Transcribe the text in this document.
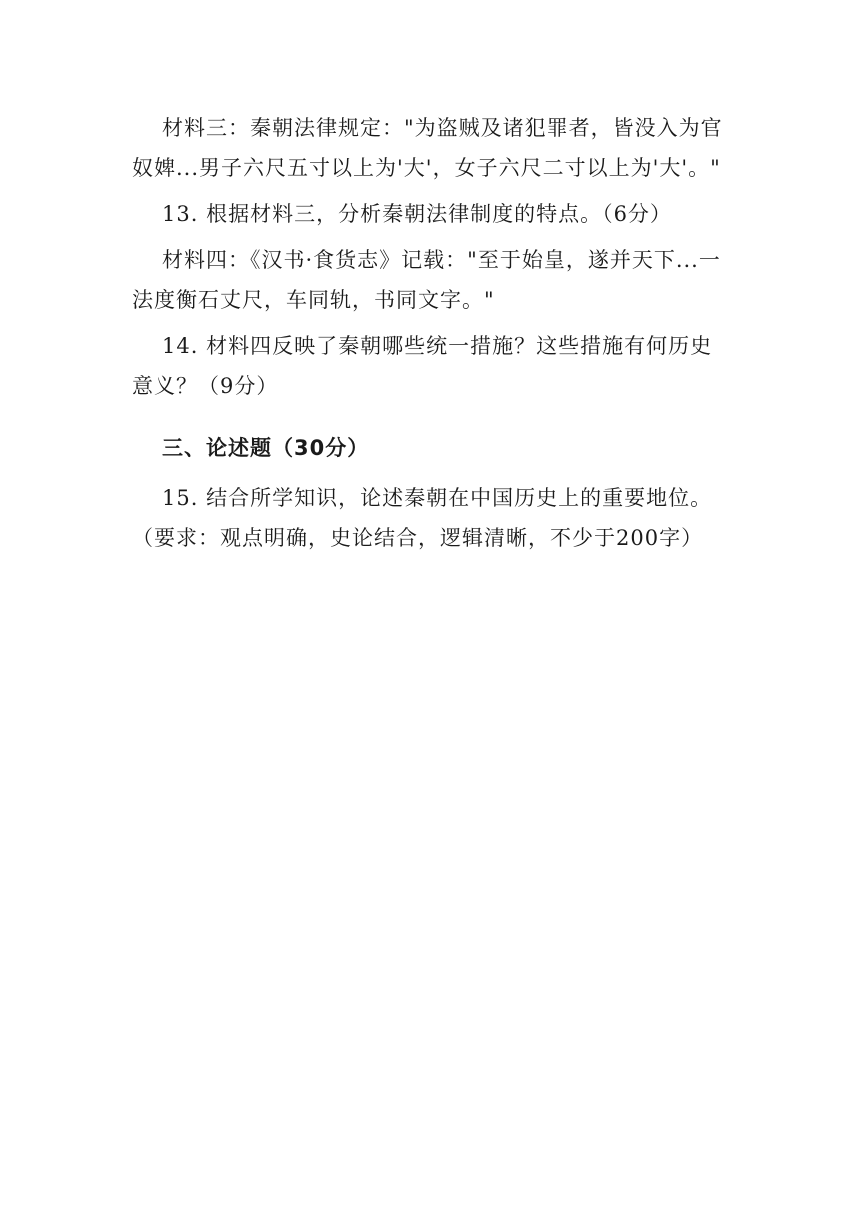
材料三：秦朝法律规定："为盗贼及诸犯罪者，皆没入为官奴婢...男子六尺五寸以上为'大'，女子六尺二寸以上为'大'。"

13. 根据材料三，分析秦朝法律制度的特点。（6分）

材料四：《汉书·食货志》记载："至于始皇，遂并天下...一法度衡石丈尺，车同轨，书同文字。"

14. 材料四反映了秦朝哪些统一措施？这些措施有何历史意义？（9分）

三、论述题（30分）

15. 结合所学知识，论述秦朝在中国历史上的重要地位。（要求：观点明确，史论结合，逻辑清晰，不少于200字）
